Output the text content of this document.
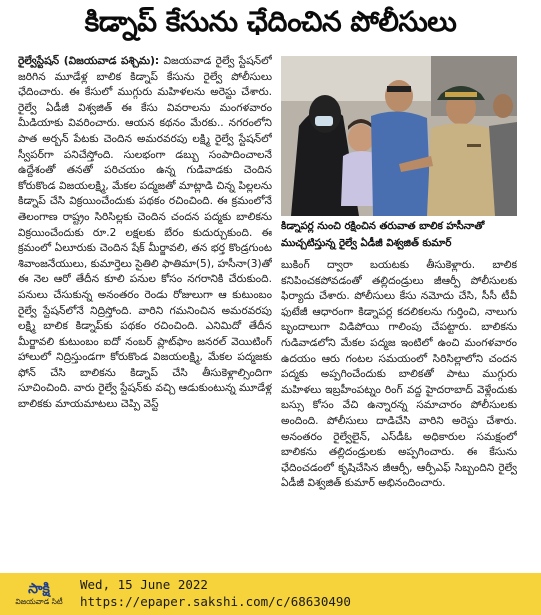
కిడ్నాప్ కేసును ఛేదించిన పోలీసులు

రైల్వేస్టేషన్ (విజయవాడ పశ్చిమ): విజయవాడ రైల్వే స్టేషన్‌లో జరిగిన మూడేళ్ల బాలిక కిడ్నాప్ కేసును రైల్వే పోలీసులు ఛేదించారు. ఈ కేసులో ముగ్గురు మహిళలను అరెస్టు చేశారు. రైల్వే ఏడీజీ విశ్వజిత్ ఈ కేసు వివరాలను మంగళవారం మీడియాకు వివరించారు. ఆయన కథనం మేరకు.. నగరంలోని పాత అర్బన్ పేటకు చెందిన అమరవరపు లక్ష్మి రైల్వే స్టేషన్‌లో స్వీపర్‌గా పనిచేస్తోంది. సులభంగా డబ్బు సంపాదించాలనే ఉద్దేశంతో తనతో పరిచయం ఉన్న గుడివాడకు చెందిన కోరుకొండ విజయలక్ష్మి, మేకల పద్మజతో మాట్లాడి చిన్న పిల్లలను కిడ్నాప్ చేసి విక్రయించేందుకు పథకం రచించింది. ఈ క్రమంలోనే తెలంగాణ రాష్ట్రం సిరిసిల్లకు చెందిన చందన పద్మకు బాలికను విక్రయించేందుకు రూ.2 లక్షలకు బేరం కుదుర్చుకుంది. ఈ క్రమంలో ఏలూరుకు చెందిన షేక్ మీర్జావలి, తన భర్త కొండ్రగుంట శివాంజనేయులు, కుమార్తెలు సైతిలి ఫాతిమా(5), హసీనా(3)తో ఈ నెల ఆరో తేదీన కూలి పనుల కోసం నగరానికి చేరుకుంది. పనులు చేసుకున్న అనంతరం రెండు రోజులుగా ఆ కుటుంబం రైల్వే స్టేషన్‌లోనే నిద్రిస్తోంది. వారిని గమనించిన అమరవరపు లక్ష్మి బాలిక కిడ్నాప్‌కు పథకం రచించింది. ఎనిమిదో తేదీన మీర్జావలి కుటుంబం ఐదో నంబర్ ప్లాట్‌ఫాం జనరల్ వెయిటింగ్ హాలులో నిద్రిస్తుండగా కోరుకొండ విజయలక్ష్మి, మేకల పద్మజకు ఫోన్ చేసి బాలికను కిడ్నాప్ చేసి తీసుకెళ్లాల్సిందిగా సూచించింది. వారు రైల్వే స్టేషన్‌కు వచ్చి ఆడుకుంటున్న మూడేళ్ల బాలికకు మాయమాటలు చెప్పి వెస్ట్

కిడ్నాపర్ల నుంచి రక్షించిన తరువాత బాలిక హసీనాతో ముచ్చటిస్తున్న రైల్వే ఏడీజీ విశ్వజిత్ కుమార్

బుకింగ్ ద్వారా బయటకు తీసుకెళ్లారు. బాలిక కనిపించకపోవడంతో తల్లిదండ్రులు జీఆర్పీ పోలీసులకు ఫిర్యాదు చేశారు. పోలీసులు కేసు నమోదు చేసి, సీసీ టీవీ ఫుటేజీ ఆధారంగా కిడ్నాపర్ల కదలికలను గుర్తించి, నాలుగు బృందాలుగా విడిపోయి గాలింపు చేపట్టారు. బాలికను గుడివాడలోని మేకల పద్మజ ఇంటిలో ఉంచి మంగళవారం ఉదయం ఆరు గంటల సమయంలో సిరిసిల్లాలోని చందన పద్మకు అప్పగించేందుకు బాలికతో పాటు ముగ్గురు మహిళలు ఇబ్రహీంపట్నం రింగ్ వద్ద హైదరాబాద్ వెళ్లేందుకు బస్సు కోసం వేచి ఉన్నారన్న సమాచారం పోలీసులకు అందింది. పోలీసులు దాడిచేసి వారిని అరెస్టు చేశారు. అనంతరం రైల్వేలైన్, ఎస్‌డీఓ అధికారుల సమక్షంలో బాలికను తల్లిదండ్రులకు అప్పగించారు. ఈ కేసును ఛేదించడంలో కృషిచేసిన జీఆర్పీ, ఆర్పీఎఫ్ సిబ్బందిని రైల్వే ఏడీజీ విశ్వజిత్ కుమార్ అభినందించారు.

సాక్షి
విజయవాడ సిటీ
Wed, 15 June 2022
https://epaper.sakshi.com/c/68630490
